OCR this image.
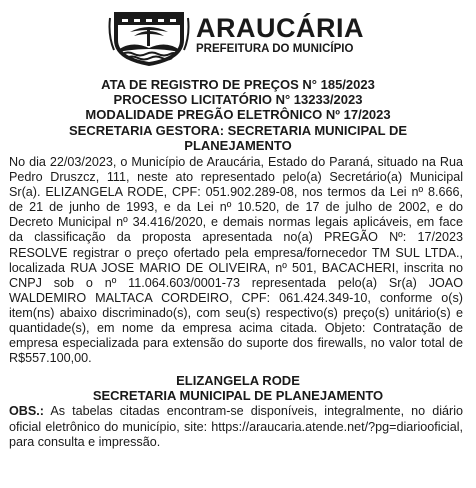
ARAUCÁRIA
PREFEITURA DO MUNICÍPIO
ATA DE REGISTRO DE PREÇOS N° 185/2023
PROCESSO LICITATÓRIO N° 13233/2023
MODALIDADE PREGÃO ELETRÔNICO Nº 17/2023
SECRETARIA GESTORA: SECRETARIA MUNICIPAL DE
PLANEJAMENTO
No dia 22/03/2023, o Município de Araucária, Estado do Paraná, situado na Rua Pedro Druszcz, 111, neste ato representado pelo(a) Secretário(a) Municipal Sr(a). ELIZANGELA RODE, CPF: 051.902.289-08, nos termos da Lei nº 8.666, de 21 de junho de 1993, e da Lei nº 10.520, de 17 de julho de 2002, e do Decreto Municipal nº 34.416/2020, e demais normas legais aplicáveis, em face da classificação da proposta apresentada no(a) PREGÃO Nº: 17/2023 RESOLVE registrar o preço ofertado pela empresa/fornecedor TM SUL LTDA., localizada RUA JOSE MARIO DE OLIVEIRA, nº 501, BACACHERI, inscrita no CNPJ sob o nº 11.064.603/0001-73 representada pelo(a) Sr(a) JOAO WALDEMIRO MALTACA CORDEIRO, CPF: 061.424.349-10, conforme o(s) item(ns) abaixo discriminado(s), com seu(s) respectivo(s) preço(s) unitário(s) e quantidade(s), em nome da empresa acima citada. Objeto: Contratação de empresa especializada para extensão do suporte dos firewalls, no valor total de R$557.100,00.
ELIZANGELA RODE
SECRETARIA MUNICIPAL DE PLANEJAMENTO
OBS.: As tabelas citadas encontram-se disponíveis, integralmente, no diário oficial eletrônico do município, site: https://araucaria.atende.net/?pg=diariooficial, para consulta e impressão.
